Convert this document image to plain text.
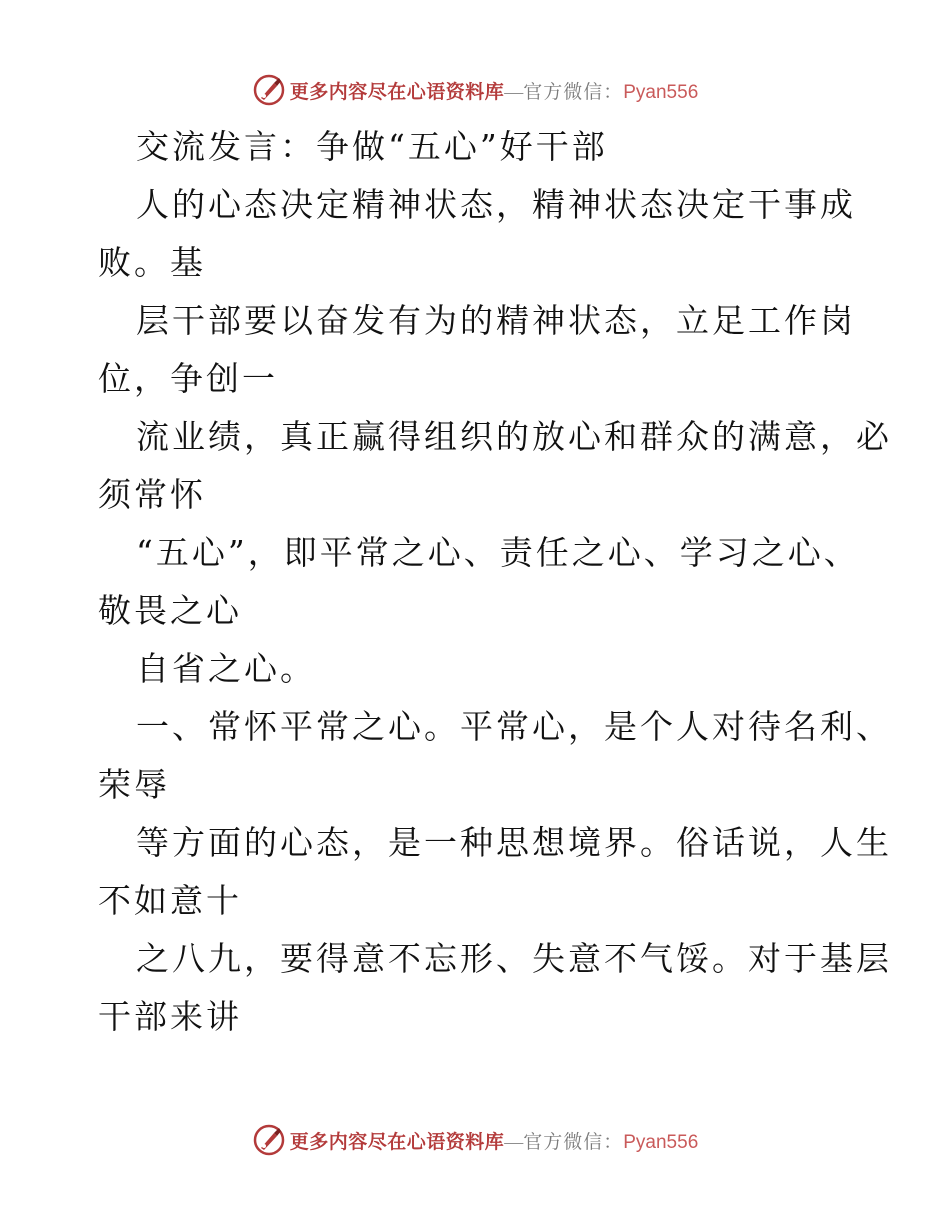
更多内容尽在心语资料库 — 官方微信： Pyan556
交流发言：争做“五心”好干部
人的心态决定精神状态，精神状态决定干事成
败。基
层干部要以奋发有为的精神状态，立足工作岗
位，争创一
流业绩，真正赢得组织的放心和群众的满意，必
须常怀
“五心”，即平常之心、责任之心、学习之心、
敬畏之心
自省之心。
一、常怀平常之心。平常心，是个人对待名利、
荣辱
等方面的心态，是一种思想境界。俗话说，人生
不如意十
之八九，要得意不忘形、失意不气馁。对于基层
干部来讲
更多内容尽在心语资料库 — 官方微信： Pyan556
